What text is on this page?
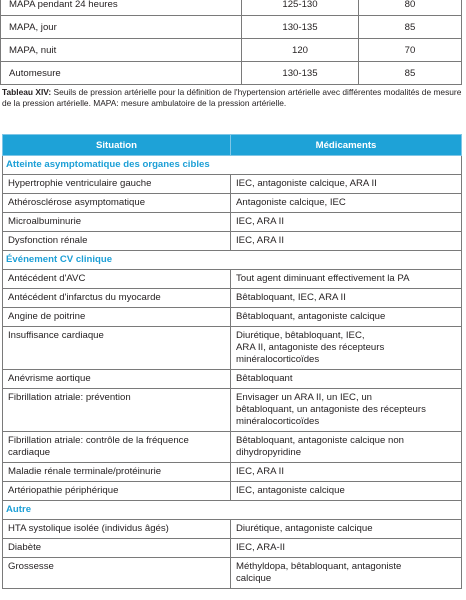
MAPA pendant 24 heures	125-130	80
MAPA, jour	130-135	85
MAPA, nuit	120	70
Automesure	130-135	85
Tableau XIV: Seuils de pression artérielle pour la définition de l'hypertension artérielle avec différentes modalités de mesure de la pression artérielle. MAPA: mesure ambulatoire de la pression artérielle.
Situation	Médicaments
Atteinte asymptomatique des organes cibles	
Hypertrophie ventriculaire gauche	IEC, antagoniste calcique, ARA II
Athérosclérose asymptomatique	Antagoniste calcique, IEC
Microalbuminurie	IEC, ARA II
Dysfonction rénale	IEC, ARA II
Événement CV clinique	
Antécédent d'AVC	Tout agent diminuant effectivement la PA
Antécédent d'infarctus du myocarde	Bêtabloquant, IEC, ARA II
Angine de poitrine	Bêtabloquant, antagoniste calcique
Insuffisance cardiaque	Diurétique, bêtabloquant, IEC,
ARA II, antagoniste des récepteurs
minéralocorticoïdes
Anévrisme aortique	Bêtabloquant
Fibrillation atriale: prévention	Envisager un ARA II, un IEC, un
bêtabloquant, un antagoniste des récepteurs
minéralocorticoïdes
Fibrillation atriale: contrôle de la fréquence cardiaque	Bêtabloquant, antagoniste calcique non
dihydropyridine
Maladie rénale terminale/protéinurie	IEC, ARA II
Artériopathie périphérique	IEC, antagoniste calcique
Autre	
HTA systolique isolée (individus âgés)	Diurétique, antagoniste calcique
Diabète	IEC, ARA-II
Grossesse	Méthyldopa, bêtabloquant, antagoniste
calcique
